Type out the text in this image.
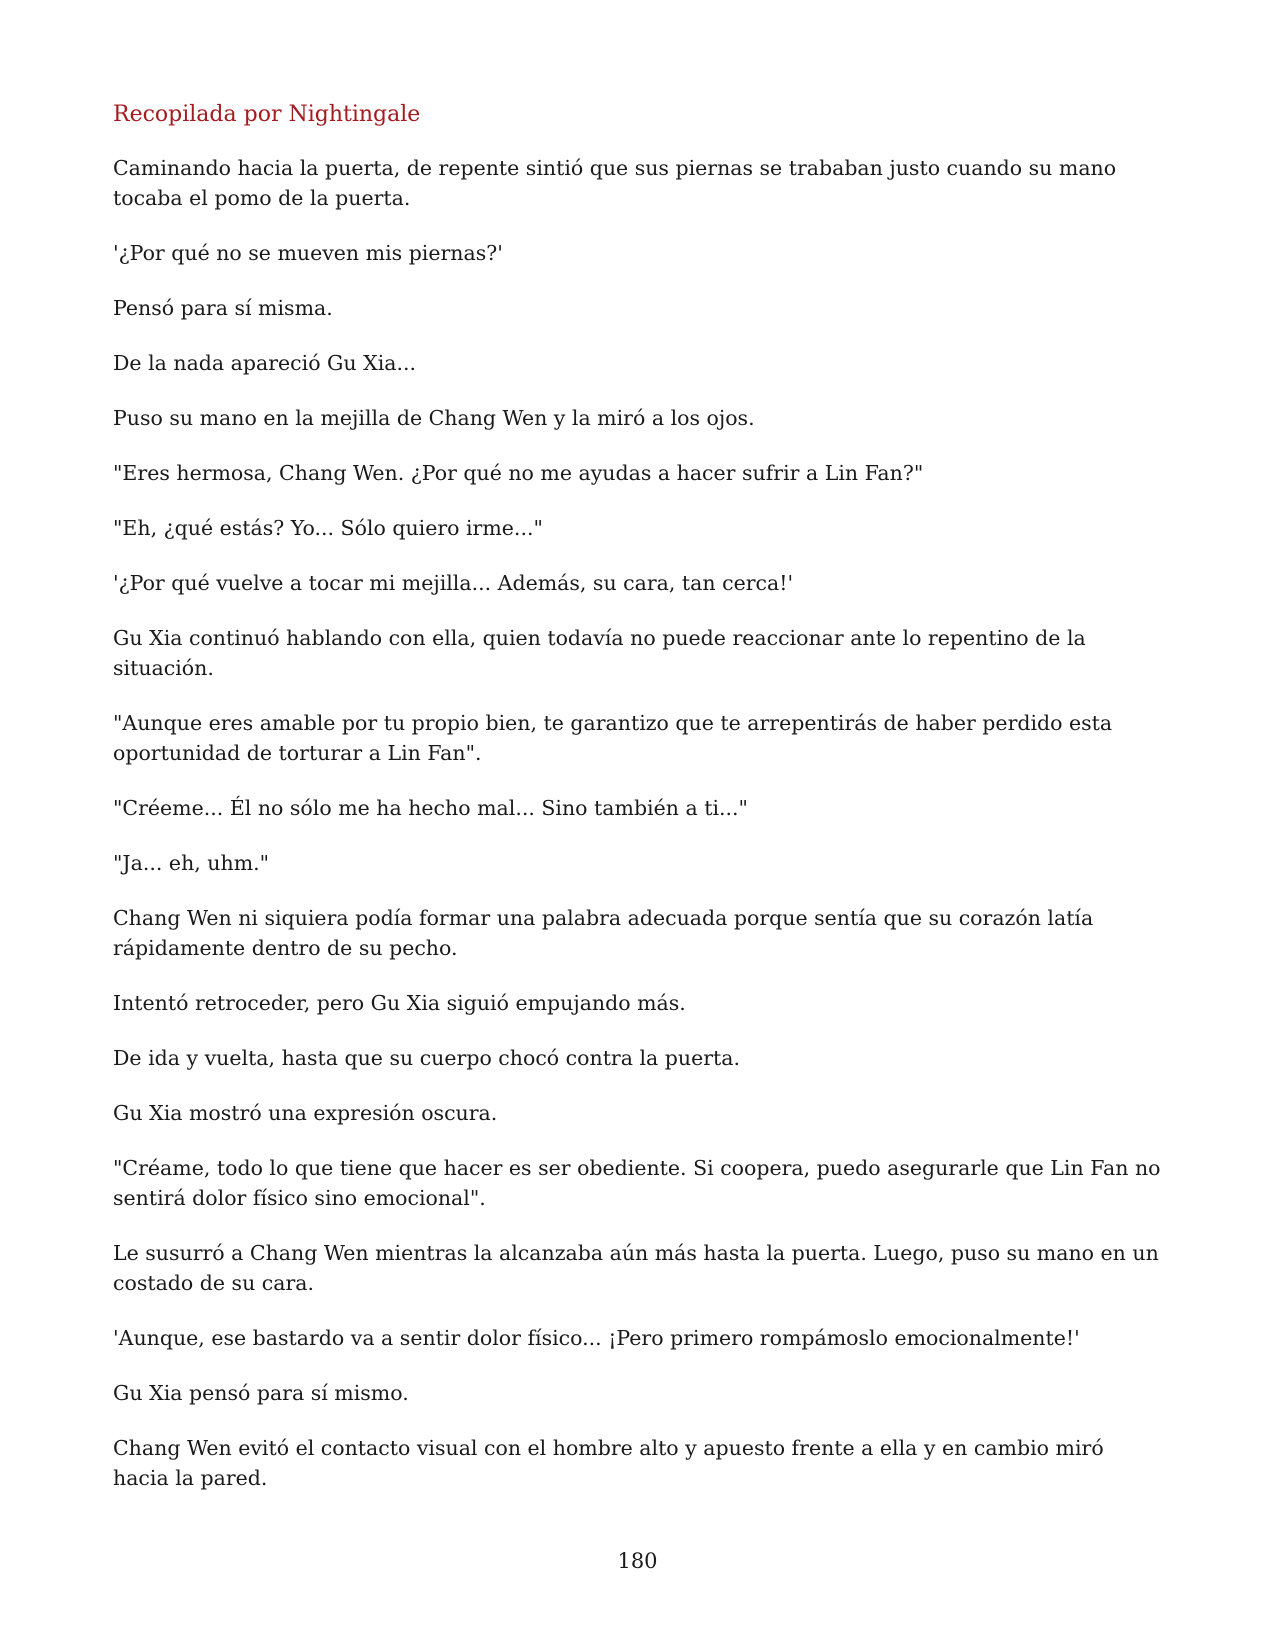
Recopilada por Nightingale

Caminando hacia la puerta, de repente sintió que sus piernas se trababan justo cuando su mano tocaba el pomo de la puerta.

'¿Por qué no se mueven mis piernas?'

Pensó para sí misma.

De la nada apareció Gu Xia...

Puso su mano en la mejilla de Chang Wen y la miró a los ojos.

"Eres hermosa, Chang Wen. ¿Por qué no me ayudas a hacer sufrir a Lin Fan?"

"Eh, ¿qué estás? Yo... Sólo quiero irme..."

'¿Por qué vuelve a tocar mi mejilla... Además, su cara, tan cerca!'

Gu Xia continuó hablando con ella, quien todavía no puede reaccionar ante lo repentino de la situación.

"Aunque eres amable por tu propio bien, te garantizo que te arrepentirás de haber perdido esta oportunidad de torturar a Lin Fan".

"Créeme... Él no sólo me ha hecho mal... Sino también a ti..."

"Ja... eh, uhm."

Chang Wen ni siquiera podía formar una palabra adecuada porque sentía que su corazón latía rápidamente dentro de su pecho.

Intentó retroceder, pero Gu Xia siguió empujando más.

De ida y vuelta, hasta que su cuerpo chocó contra la puerta.

Gu Xia mostró una expresión oscura.

"Créame, todo lo que tiene que hacer es ser obediente. Si coopera, puedo asegurarle que Lin Fan no sentirá dolor físico sino emocional".

Le susurró a Chang Wen mientras la alcanzaba aún más hasta la puerta. Luego, puso su mano en un costado de su cara.

'Aunque, ese bastardo va a sentir dolor físico... ¡Pero primero rompámoslo emocionalmente!'

Gu Xia pensó para sí mismo.

Chang Wen evitó el contacto visual con el hombre alto y apuesto frente a ella y en cambio miró hacia la pared.

180
